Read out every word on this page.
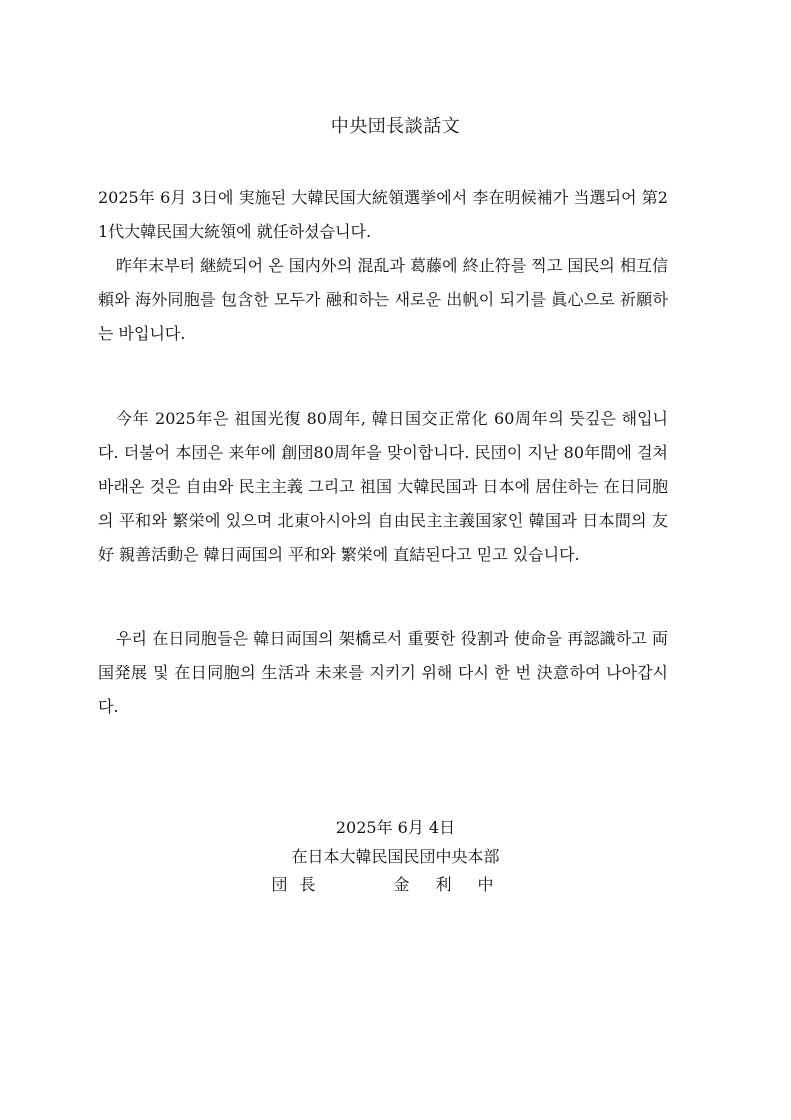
中央団長談話文
2025年 6月 3日에 実施된 大韓民国大統領選挙에서 李在明候補가 当選되어 第21代大韓民国大統領에 就任하셨습니다.
昨年末부터 継続되어 온 国内外의 混乱과 葛藤에 終止符를 찍고 国民의 相互信頼와 海外同胞를 包含한 모두가 融和하는 새로운 出帆이 되기를 眞心으로 祈願하는 바입니다.
今年 2025年은 祖国光復 80周年, 韓日国交正常化 60周年의 뜻깊은 해입니다. 더불어 本団은 来年에 創団80周年을 맞이합니다. 民団이 지난 80年間에 걸쳐 바래온 것은 自由와 民主主義 그리고 祖国 大韓民国과 日本에 居住하는 在日同胞의 平和와 繁栄에 있으며 北東아시아의 自由民主主義国家인 韓国과 日本間의 友好 親善活動은 韓日両国의 平和와 繁栄에 直結된다고 믿고 있습니다.
우리 在日同胞들은 韓日両国의 架橋로서 重要한 役割과 使命을 再認識하고 両国発展 및 在日同胞의 生活과 未来를 지키기 위해 다시 한 번 決意하여 나아갑시다.
2025年 6月 4日
在日本大韓民国民団中央本部
団長	金利中
